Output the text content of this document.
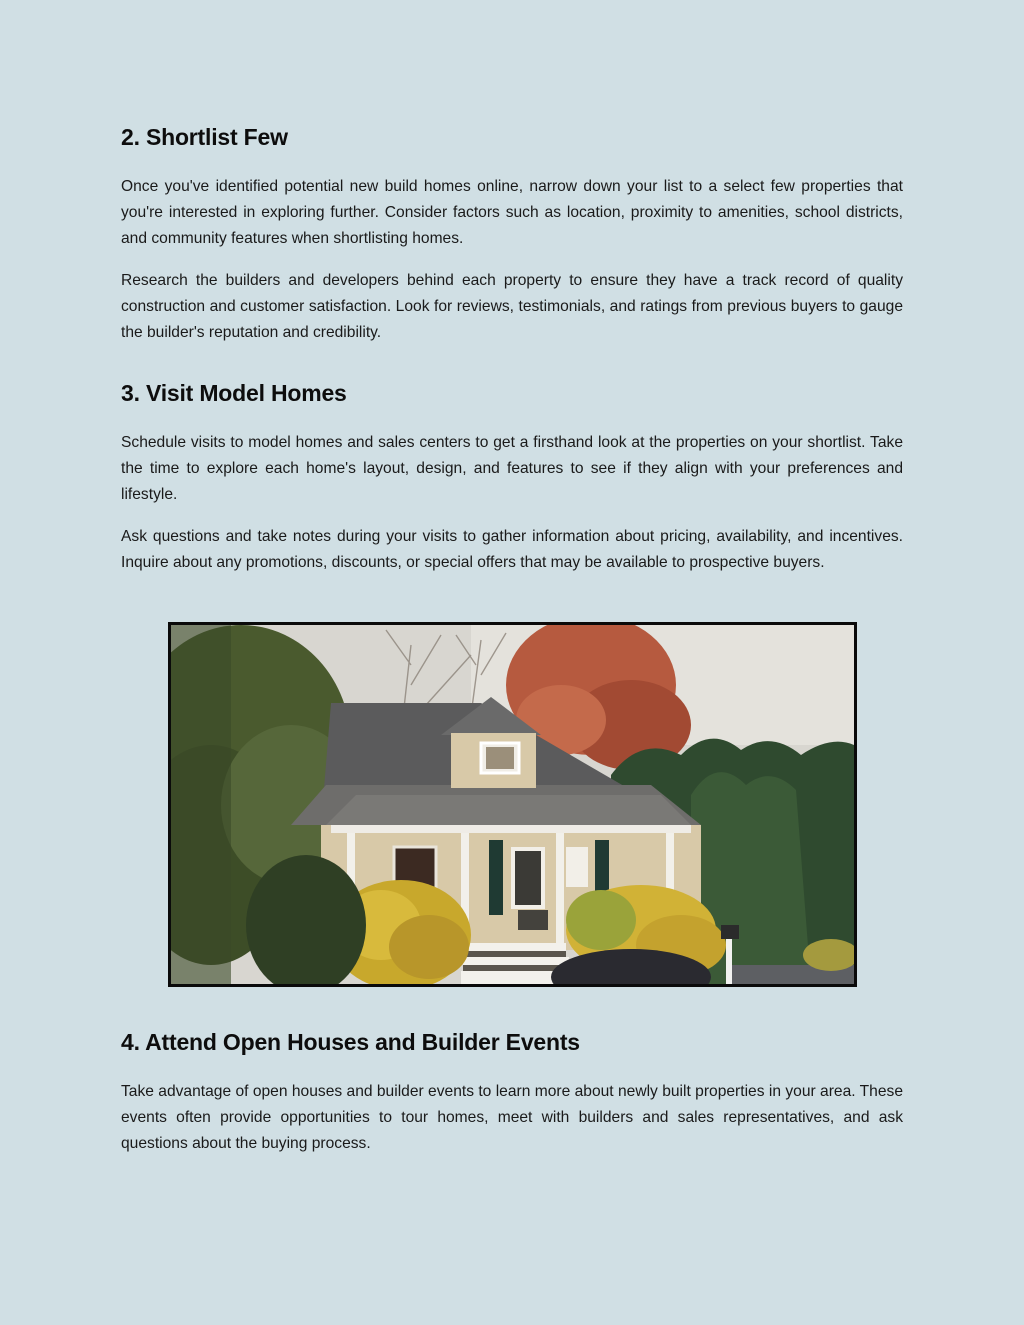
2. Shortlist Few

Once you've identified potential new build homes online, narrow down your list to a select few properties that you're interested in exploring further. Consider factors such as location, proximity to amenities, school districts, and community features when shortlisting homes.

Research the builders and developers behind each property to ensure they have a track record of quality construction and customer satisfaction. Look for reviews, testimonials, and ratings from previous buyers to gauge the builder's reputation and credibility.

3. Visit Model Homes

Schedule visits to model homes and sales centers to get a firsthand look at the properties on your shortlist. Take the time to explore each home's layout, design, and features to see if they align with your preferences and lifestyle.

Ask questions and take notes during your visits to gather information about pricing, availability, and incentives. Inquire about any promotions, discounts, or special offers that may be available to prospective buyers.

4. Attend Open Houses and Builder Events

Take advantage of open houses and builder events to learn more about newly built properties in your area. These events often provide opportunities to tour homes, meet with builders and sales representatives, and ask questions about the buying process.
